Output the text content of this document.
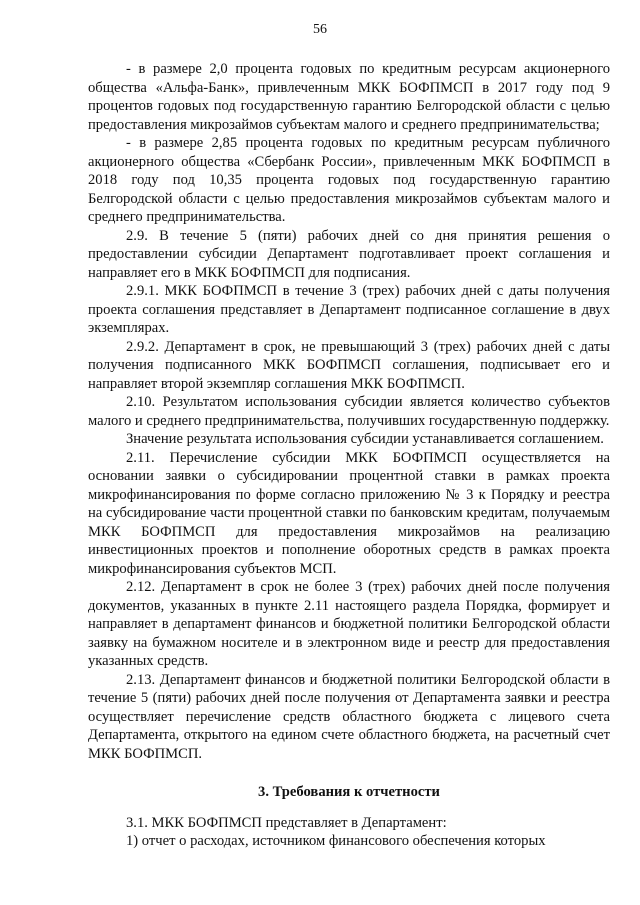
56

- в размере 2,0 процента годовых по кредитным ресурсам акционерного общества «Альфа-Банк», привлеченным МКК БОФПМСП в 2017 году под 9 процентов годовых под государственную гарантию Белгородской области с целью предоставления микрозаймов субъектам малого и среднего предпринимательства;

- в размере 2,85 процента годовых по кредитным ресурсам публичного акционерного общества «Сбербанк России», привлеченным МКК БОФПМСП в 2018 году под 10,35 процента годовых под государственную гарантию Белгородской области с целью предоставления микрозаймов субъектам малого и среднего предпринимательства.

2.9. В течение 5 (пяти) рабочих дней со дня принятия решения о предоставлении субсидии Департамент подготавливает проект соглашения и направляет его в МКК БОФПМСП для подписания.

2.9.1. МКК БОФПМСП в течение 3 (трех) рабочих дней с даты получения проекта соглашения представляет в Департамент подписанное соглашение в двух экземплярах.

2.9.2. Департамент в срок, не превышающий 3 (трех) рабочих дней с даты получения подписанного МКК БОФПМСП соглашения, подписывает его и направляет второй экземпляр соглашения МКК БОФПМСП.

2.10. Результатом использования субсидии является количество субъектов малого и среднего предпринимательства, получивших государственную поддержку.

Значение результата использования субсидии устанавливается соглашением.

2.11. Перечисление субсидии МКК БОФПМСП осуществляется на основании заявки о субсидировании процентной ставки в рамках проекта микрофинансирования по форме согласно приложению № 3 к Порядку и реестра на субсидирование части процентной ставки по банковским кредитам, получаемым МКК БОФПМСП для предоставления микрозаймов на реализацию инвестиционных проектов и пополнение оборотных средств в рамках проекта микрофинансирования субъектов МСП.

2.12. Департамент в срок не более 3 (трех) рабочих дней после получения документов, указанных в пункте 2.11 настоящего раздела Порядка, формирует и направляет в департамент финансов и бюджетной политики Белгородской области заявку на бумажном носителе и в электронном виде и реестр для предоставления указанных средств.

2.13. Департамент финансов и бюджетной политики Белгородской области в течение 5 (пяти) рабочих дней после получения от Департамента заявки и реестра осуществляет перечисление средств областного бюджета с лицевого счета Департамента, открытого на едином счете областного бюджета, на расчетный счет МКК БОФПМСП.

3. Требования к отчетности

3.1. МКК БОФПМСП представляет в Департамент:

1) отчет о расходах, источником финансового обеспечения которых
